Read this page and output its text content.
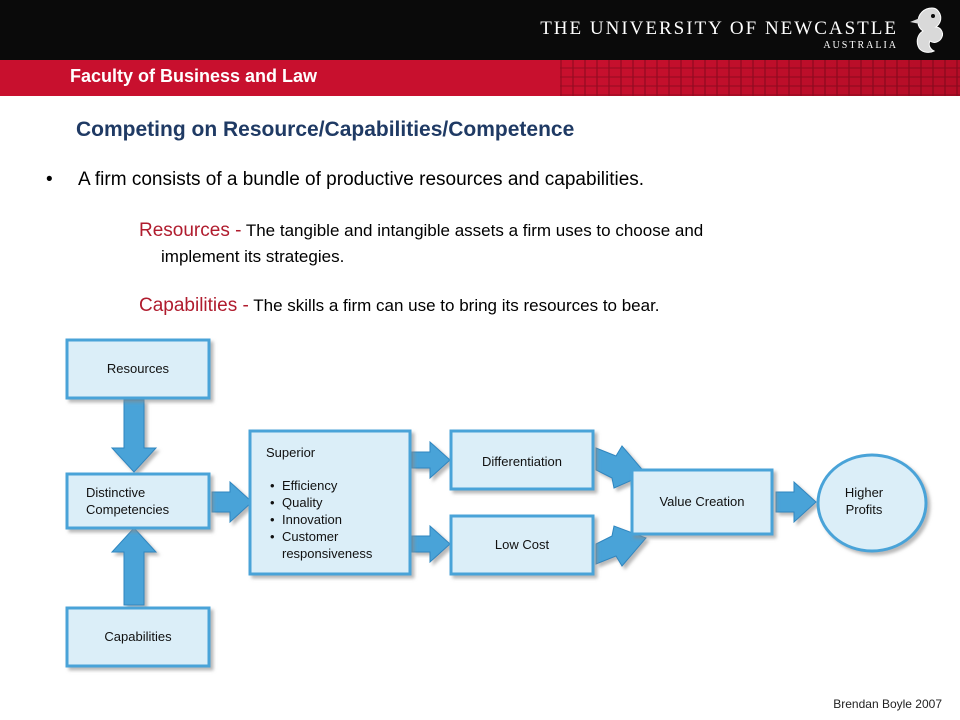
THE UNIVERSITY OF NEWCASTLE
AUSTRALIA
Faculty of Business and Law
Competing on Resource/Capabilities/Competence
• A firm consists of a bundle of productive resources and capabilities.
Resources - The tangible and intangible assets a firm uses to choose and
implement its strategies.
Capabilities - The skills a firm can use to bring its resources to bear.
Resources
Distinctive
Competencies
Capabilities
Superior
• Efficiency
• Quality
• Innovation
• Customer
responsiveness
Differentiation
Low Cost
Value Creation
Higher
Profits
Brendan Boyle 2007
